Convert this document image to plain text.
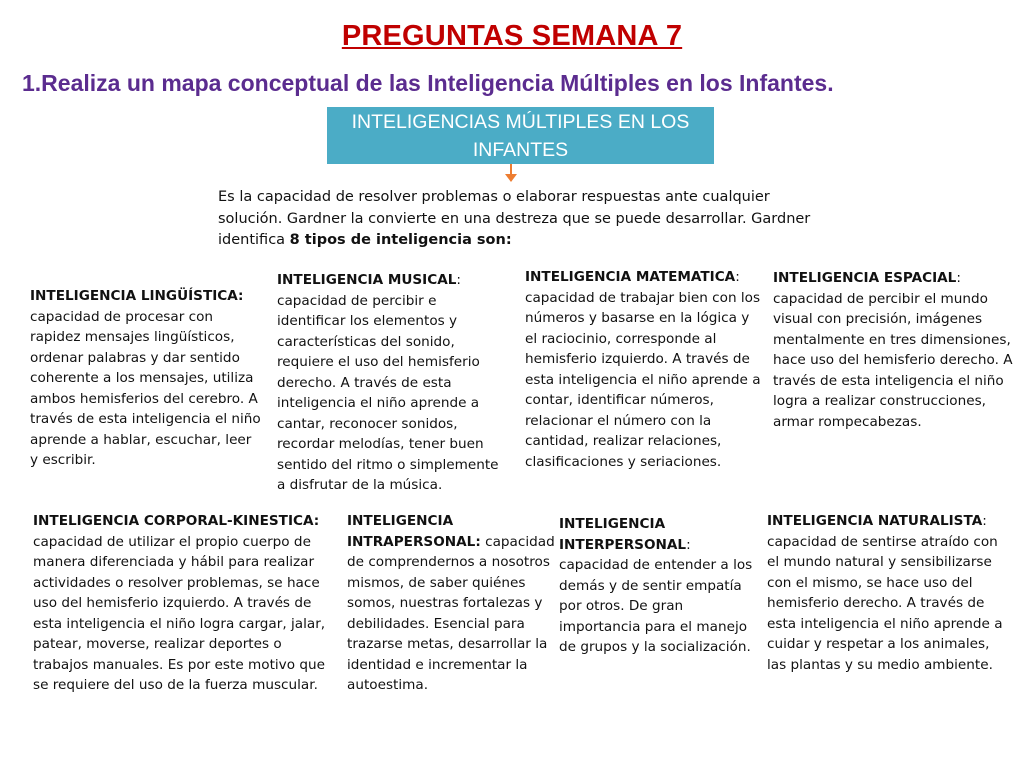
PREGUNTAS SEMANA 7
1.Realiza un mapa conceptual de las Inteligencia Múltiples en los Infantes.
INTELIGENCIAS MÚLTIPLES EN LOS INFANTES
Es la capacidad de resolver problemas o elaborar respuestas ante cualquier solución. Gardner la convierte en una destreza que se puede desarrollar. Gardner identifica 8 tipos de inteligencia son:
INTELIGENCIA LINGÜÍSTICA: capacidad de procesar con rapidez mensajes lingüísticos, ordenar palabras y dar sentido coherente a los mensajes, utiliza ambos hemisferios del cerebro. A través de esta inteligencia el niño aprende a hablar, escuchar, leer y escribir.
INTELIGENCIA MUSICAL: capacidad de percibir e identificar los elementos y características del sonido, requiere el uso del hemisferio derecho. A través de esta inteligencia el niño aprende a cantar, reconocer sonidos, recordar melodías, tener buen sentido del ritmo o simplemente a disfrutar de la música.
INTELIGENCIA MATEMATICA: capacidad de trabajar bien con los números y basarse en la lógica y el raciocinio, corresponde al hemisferio izquierdo. A través de esta inteligencia el niño aprende a contar, identificar números, relacionar el número con la cantidad, realizar relaciones, clasificaciones y seriaciones.
INTELIGENCIA ESPACIAL: capacidad de percibir el mundo visual con precisión, imágenes mentalmente en tres dimensiones, hace uso del hemisferio derecho. A través de esta inteligencia el niño logra a realizar construcciones, armar rompecabezas.
INTELIGENCIA CORPORAL-KINESTICA: capacidad de utilizar el propio cuerpo de manera diferenciada y hábil para realizar actividades o resolver problemas, se hace uso del hemisferio izquierdo. A través de esta inteligencia el niño logra cargar, jalar, patear, moverse, realizar deportes o trabajos manuales. Es por este motivo que se requiere del uso de la fuerza muscular.
INTELIGENCIA INTRAPERSONAL: capacidad de comprendernos a nosotros mismos, de saber quiénes somos, nuestras fortalezas y debilidades. Esencial para trazarse metas, desarrollar la identidad e incrementar la autoestima.
INTELIGENCIA INTERPERSONAL: capacidad de entender a los demás y de sentir empatía por otros. De gran importancia para el manejo de grupos y la socialización.
INTELIGENCIA NATURALISTA: capacidad de sentirse atraído con el mundo natural y sensibilizarse con el mismo, se hace uso del hemisferio derecho. A través de esta inteligencia el niño aprende a cuidar y respetar a los animales, las plantas y su medio ambiente.
